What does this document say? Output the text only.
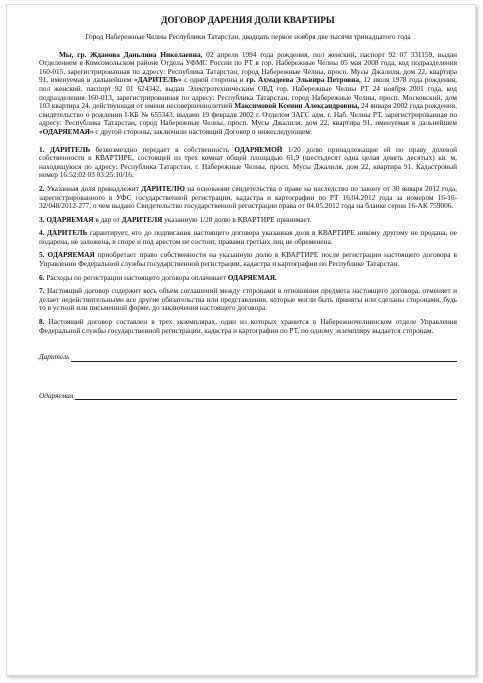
ДОГОВОР ДАРЕНИЯ ДОЛИ КВАРТИРЫ
Город Набережные Челны Республики Татарстан, двадцать первое ноября две тысячи тринадцатого года

Мы, гр. Жданова Даньлина Николаевна, 02 апреля 1994 года рождения, пол женский, паспорт 92 07 331159, выдан Отделением в Комсомольском районе Отдела УФМС России по РТ в гор. Набережные Челны 05 мая 2008 года, код подразделения 160-015, зарегистрированная по адресу: Республика Татарстан, город Набережные Челны, просп. Мусы Джалиля, дом 22, квартира 91, именуемая в дальнейшем «ДАРИТЕЛЬ» с одной стороны и гр. Ахмадеева Эльвира Петровна, 12 июля 1978 года рождения, пол женский, паспорт 92 01 624342, выдан Электротехническим ОВД гор. Набережные Челны РТ 24 ноября 2001 года, код подразделения 160-013, зарегистрированная по адресу: Республика Татарстан, город Набережные Челны, просп. Московский, дом 103 квартира 24, действующая от имени несовершеннолетней Максимовой Ксении Александровны, 24 января 2002 года рождения, свидетельство о рождении I-КБ № 655343, выдано 19 февраля 2002 г. Отделом ЗАГС адм. г. Наб. Челны РТ, зарегистрированная по адресу: Республика Татарстан, город Набережные Челны, просп. Мусы Джалиля, дом 22, квартира 91, именуемая в дальнейшем «ОДАРЯЕМАЯ» с другой стороны, заключили настоящий Договор о нижеследующем:

1. ДАРИТЕЛЬ безвозмездно передает в собственность ОДАРЯЕМОЙ 1/20 долю принадлежащие ей по праву долевой собственности в КВАРТИРЕ, состоящей из трех комнат общей площадью 61,9 (шестьдесят одна целая девять десятых) кв. м, находящуюся по адресу: Республика Татарстан, г. Набережные Челны, просп. Мусы Джалиля, дом 22, квартира 91. Кадастровый номер 16:52:02 03 03:25:10/16.

2. Указанная доля принадлежит ДАРИТЕЛЮ на основании свидетельства о праве на наследство по закону от 30 января 2012 года, зарегистрированного в УФС государственной регистрации, кадастра и картографии по РТ 16.04.2012 года за номером 16-16-32/048/2012-277, о чем выдано Свидетельство государственной регистрации права от 04.05.2012 года на бланке серии 16-АК 759006.

3. ОДАРЯЕМАЯ в дар от ДАРИТЕЛЯ указанную 1/20 долю в КВАРТИРЕ принимает.

4. ДАРИТЕЛЬ гарантирует, что до подписания настоящего договора указанная доля в КВАРТИРЕ никому другому не продана, не подарена, не заложена, в споре и под арестом не состоит, правами третьих лиц не обременена.

5. ОДАРЯЕМАЯ приобретает право собственности на указанную долю в КВАРТИРЕ после регистрации настоящего договора в Управлении Федеральной службы государственной регистрации, кадастра и картографии по Республике Татарстан.

6. Расходы по регистрации настоящего договора оплачивает ОДАРЯЕМАЯ.

7. Настоящий договор содержит весь объем соглашений между сторонами в отношении предмета настоящего договора, отменяет и делает недействительными все другие обязательства или представления, которые могли быть приняты или сделаны сторонами, будь то в устной или письменной форме, до заключения настоящего договора.

8. Настоящий договор составлен в трех экземплярах, один из которых хранится в Набережночелнинском отделе Управления Федеральной службы государственной регистрации, кадастра и картографии по РТ, по одному экземпляру выдается сторонам.

Даритель
Одаряемая
